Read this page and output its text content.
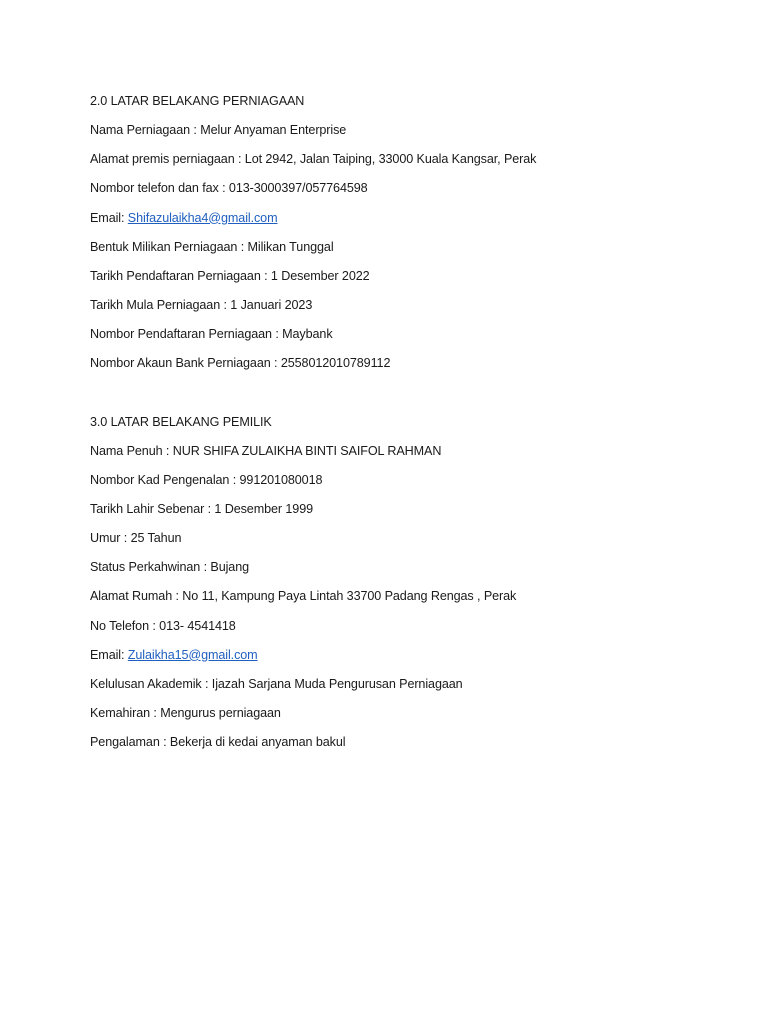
2.0 LATAR BELAKANG PERNIAGAAN
Nama Perniagaan : Melur Anyaman Enterprise
Alamat premis perniagaan : Lot 2942, Jalan Taiping, 33000 Kuala Kangsar, Perak
Nombor telefon dan fax : 013-3000397/057764598
Email: Shifazulaikha4@gmail.com
Bentuk Milikan Perniagaan : Milikan Tunggal
Tarikh Pendaftaran Perniagaan : 1 Desember 2022
Tarikh Mula Perniagaan : 1 Januari 2023
Nombor Pendaftaran Perniagaan : Maybank
Nombor Akaun Bank Perniagaan : 2558012010789112
3.0 LATAR BELAKANG PEMILIK
Nama Penuh : NUR SHIFA ZULAIKHA BINTI SAIFOL RAHMAN
Nombor Kad Pengenalan : 991201080018
Tarikh Lahir Sebenar : 1 Desember 1999
Umur : 25 Tahun
Status Perkahwinan : Bujang
Alamat Rumah : No 11, Kampung Paya Lintah 33700 Padang Rengas , Perak
No Telefon : 013- 4541418
Email: Zulaikha15@gmail.com
Kelulusan Akademik : Ijazah Sarjana Muda Pengurusan Perniagaan
Kemahiran : Mengurus perniagaan
Pengalaman : Bekerja di kedai anyaman bakul
